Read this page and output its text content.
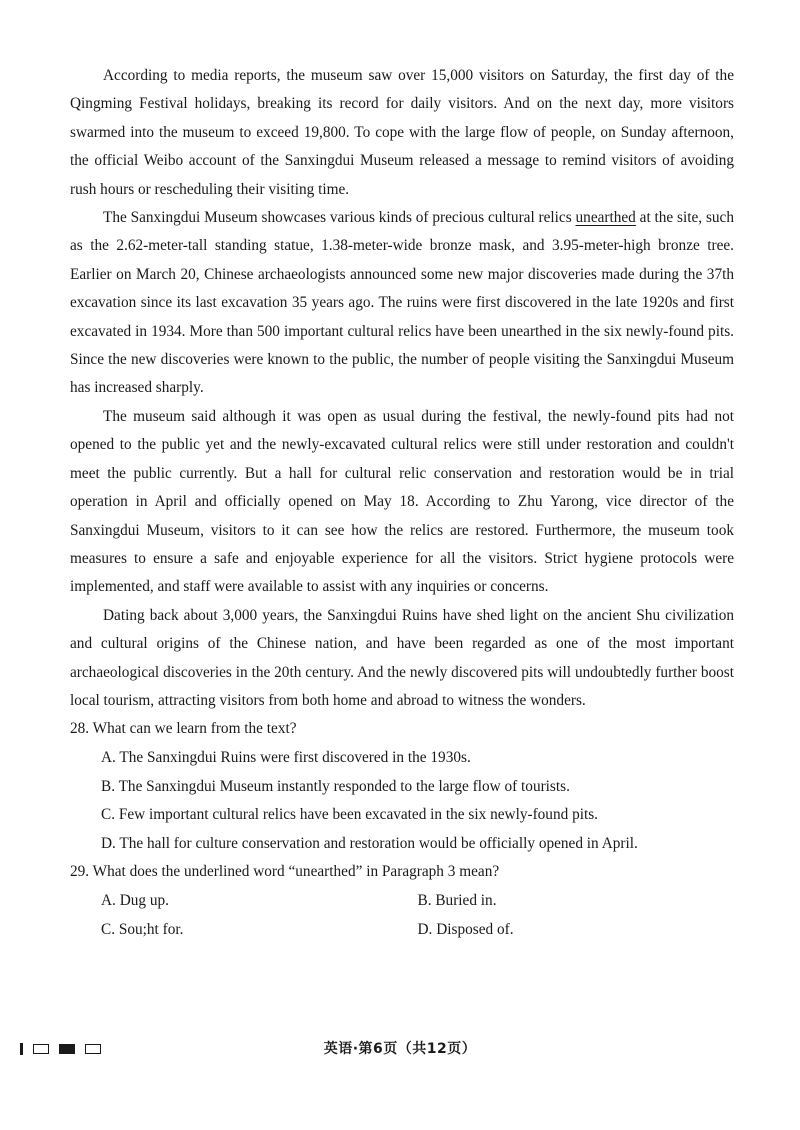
According to media reports, the museum saw over 15,000 visitors on Saturday, the first day of the Qingming Festival holidays, breaking its record for daily visitors. And on the next day, more visitors swarmed into the museum to exceed 19,800. To cope with the large flow of people, on Sunday afternoon, the official Weibo account of the Sanxingdui Museum released a message to remind visitors of avoiding rush hours or rescheduling their visiting time.

The Sanxingdui Museum showcases various kinds of precious cultural relics unearthed at the site, such as the 2.62-meter-tall standing statue, 1.38-meter-wide bronze mask, and 3.95-meter-high bronze tree. Earlier on March 20, Chinese archaeologists announced some new major discoveries made during the 37th excavation since its last excavation 35 years ago. The ruins were first discovered in the late 1920s and first excavated in 1934. More than 500 important cultural relics have been unearthed in the six newly-found pits. Since the new discoveries were known to the public, the number of people visiting the Sanxingdui Museum has increased sharply.

The museum said although it was open as usual during the festival, the newly-found pits had not opened to the public yet and the newly-excavated cultural relics were still under restoration and couldn't meet the public currently. But a hall for cultural relic conservation and restoration would be in trial operation in April and officially opened on May 18. According to Zhu Yarong, vice director of the Sanxingdui Museum, visitors to it can see how the relics are restored. Furthermore, the museum took measures to ensure a safe and enjoyable experience for all the visitors. Strict hygiene protocols were implemented, and staff were available to assist with any inquiries or concerns.

Dating back about 3,000 years, the Sanxingdui Ruins have shed light on the ancient Shu civilization and cultural origins of the Chinese nation, and have been regarded as one of the most important archaeological discoveries in the 20th century. And the newly discovered pits will undoubtedly further boost local tourism, attracting visitors from both home and abroad to witness the wonders.

28. What can we learn from the text?

A. The Sanxingdui Ruins were first discovered in the 1930s.

B. The Sanxingdui Museum instantly responded to the large flow of tourists.

C. Few important cultural relics have been excavated in the six newly-found pits.

D. The hall for culture conservation and restoration would be officially opened in April.

29. What does the underlined word “unearthed” in Paragraph 3 mean?

A. Dug up.	B. Buried in.
C. Sou;ht for.	D. Disposed of.
英语·第6页（共12页）
